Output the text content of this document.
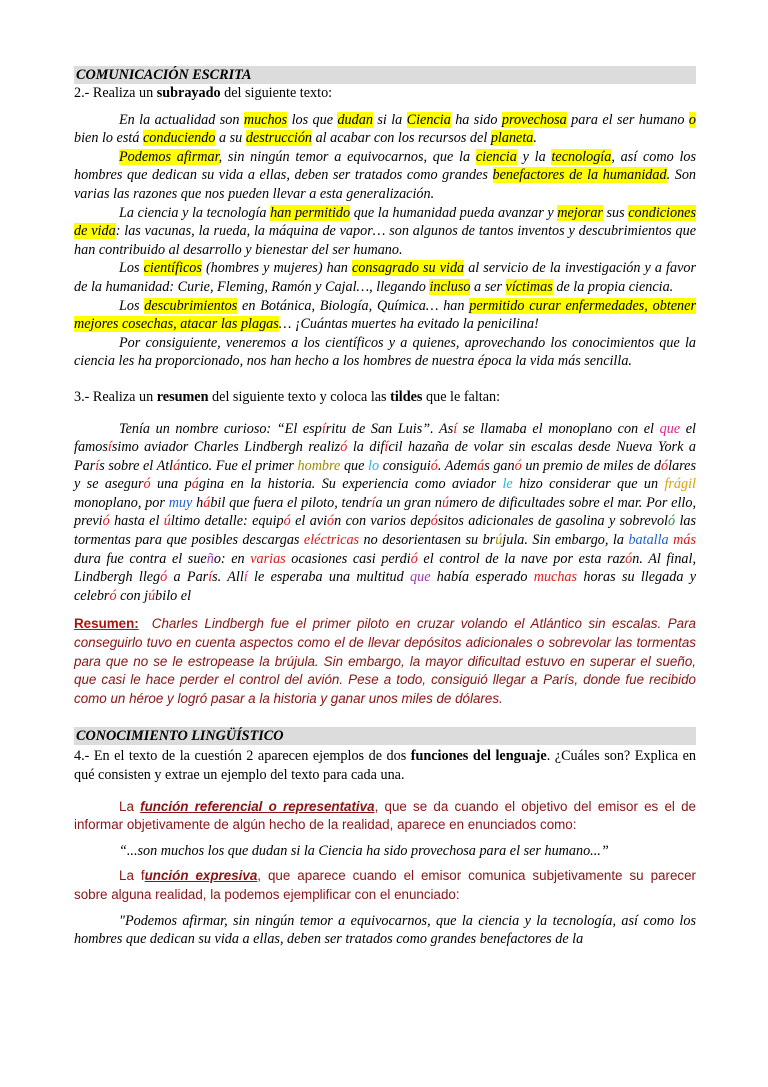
COMUNICACIÓN ESCRITA

2.- Realiza un subrayado del siguiente texto:

En la actualidad son muchos los que dudan si la Ciencia ha sido provechosa para el ser humano o bien lo está conduciendo a su destrucción al acabar con los recursos del planeta.

Podemos afirmar, sin ningún temor a equivocarnos, que la ciencia y la tecnología, así como los hombres que dedican su vida a ellas, deben ser tratados como grandes benefactores de la humanidad. Son varias las razones que nos pueden llevar a esta generalización.

La ciencia y la tecnología han permitido que la humanidad pueda avanzar y mejorar sus condiciones de vida: las vacunas, la rueda, la máquina de vapor… son algunos de tantos inventos y descubrimientos que han contribuido al desarrollo y bienestar del ser humano.

Los científicos (hombres y mujeres) han consagrado su vida al servicio de la investigación y a favor de la humanidad: Curie, Fleming, Ramón y Cajal…, llegando incluso a ser víctimas de la propia ciencia.

Los descubrimientos en Botánica, Biología, Química… han permitido curar enfermedades, obtener mejores cosechas, atacar las plagas… ¡Cuántas muertes ha evitado la penicilina!

Por consiguiente, veneremos a los científicos y a quienes, aprovechando los conocimientos que la ciencia les ha proporcionado, nos han hecho a los hombres de nuestra época la vida más sencilla.

3.- Realiza un resumen del siguiente texto y coloca las tildes que le faltan:

Tenía un nombre curioso: “El espíritu de San Luis”. Así se llamaba el monoplano con el que el famosísimo aviador Charles Lindbergh realizó la difícil hazaña de volar sin escalas desde Nueva York a París sobre el Atlántico. Fue el primer hombre que lo consiguió. Además ganó un premio de miles de dólares y se aseguró una página en la historia. Su experiencia como aviador le hizo considerar que un frágil monoplano, por muy hábil que fuera el piloto, tendría un gran número de dificultades sobre el mar. Por ello, previó hasta el último detalle: equipó el avión con varios depósitos adicionales de gasolina y sobrevoló las tormentas para que posibles descargas eléctricas no desorientasen su brújula. Sin embargo, la batalla más dura fue contra el sueño: en varias ocasiones casi perdió el control de la nave por esta razón. Al final, Lindbergh llegó a París. Allí le esperaba una multitud que había esperado muchas horas su llegada y celebró con júbilo el

Resumen: Charles Lindbergh fue el primer piloto en cruzar volando el Atlántico sin escalas. Para conseguirlo tuvo en cuenta aspectos como el de llevar depósitos adicionales o sobrevolar las tormentas para que no se le estropease la brújula. Sin embargo, la mayor dificultad estuvo en superar el sueño, que casi le hace perder el control del avión. Pese a todo, consiguió llegar a París, donde fue recibido como un héroe y logró pasar a la historia y ganar unos miles de dólares.

CONOCIMIENTO LINGÜÍSTICO

4.- En el texto de la cuestión 2 aparecen ejemplos de dos funciones del lenguaje. ¿Cuáles son? Explica en qué consisten y extrae un ejemplo del texto para cada una.

La función referencial o representativa, que se da cuando el objetivo del emisor es el de informar objetivamente de algún hecho de la realidad, aparece en enunciados como:

“...son muchos los que dudan si la Ciencia ha sido provechosa para el ser humano...”

La función expresiva, que aparece cuando el emisor comunica subjetivamente su parecer sobre alguna realidad, la podemos ejemplificar con el enunciado:

"Podemos afirmar, sin ningún temor a equivocarnos, que la ciencia y la tecnología, así como los hombres que dedican su vida a ellas, deben ser tratados como grandes benefactores de la
